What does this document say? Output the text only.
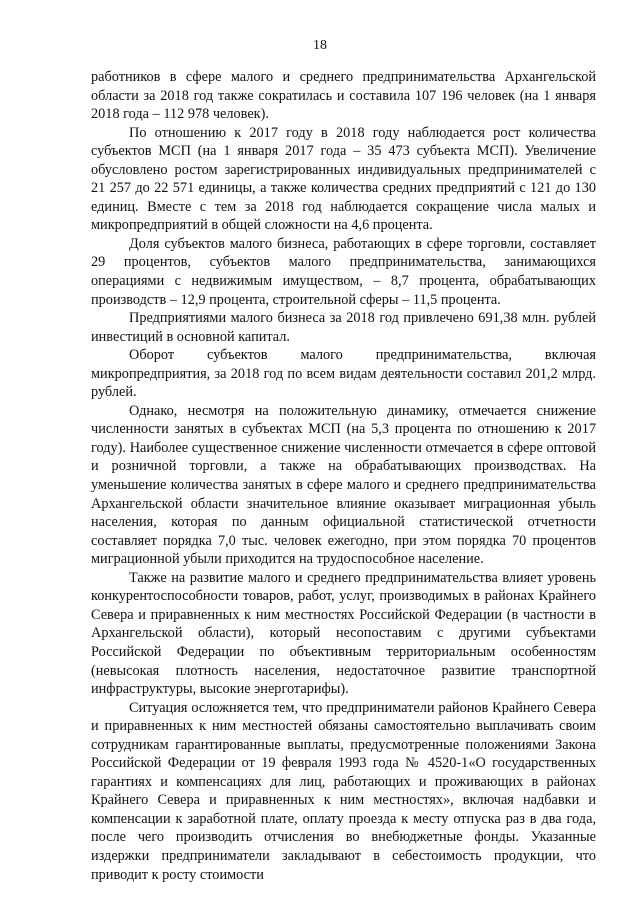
18

работников в сфере малого и среднего предпринимательства Архангельской области за 2018 год также сократилась и составила 107 196 человек (на 1 января 2018 года – 112 978 человек).

По отношению к 2017 году в 2018 году наблюдается рост количества субъектов МСП (на 1 января 2017 года – 35 473 субъекта МСП). Увеличение обусловлено ростом зарегистрированных индивидуальных предпринимателей с 21 257 до 22 571 единицы, а также количества средних предприятий с 121 до 130 единиц. Вместе с тем за 2018 год наблюдается сокращение числа малых и микропредприятий в общей сложности на 4,6 процента.

Доля субъектов малого бизнеса, работающих в сфере торговли, составляет 29 процентов, субъектов малого предпринимательства, занимающихся операциями с недвижимым имуществом, – 8,7 процента, обрабатывающих производств – 12,9 процента, строительной сферы – 11,5 процента.

Предприятиями малого бизнеса за 2018 год привлечено 691,38 млн. рублей инвестиций в основной капитал.

Оборот субъектов малого предпринимательства, включая микропредприятия, за 2018 год по всем видам деятельности составил 201,2 млрд. рублей.

Однако, несмотря на положительную динамику, отмечается снижение численности занятых в субъектах МСП (на 5,3 процента по отношению к 2017 году). Наиболее существенное снижение численности отмечается в сфере оптовой и розничной торговли, а также на обрабатывающих производствах. На уменьшение количества занятых в сфере малого и среднего предпринимательства Архангельской области значительное влияние оказывает миграционная убыль населения, которая по данным официальной статистической отчетности составляет порядка 7,0 тыс. человек ежегодно, при этом порядка 70 процентов миграционной убыли приходится на трудоспособное население.

Также на развитие малого и среднего предпринимательства влияет уровень конкурентоспособности товаров, работ, услуг, производимых в районах Крайнего Севера и приравненных к ним местностях Российской Федерации (в частности в Архангельской области), который несопоставим с другими субъектами Российской Федерации по объективным территориальным особенностям (невысокая плотность населения, недостаточное развитие транспортной инфраструктуры, высокие энерготарифы).

Ситуация осложняется тем, что предприниматели районов Крайнего Севера и приравненных к ним местностей обязаны самостоятельно выплачивать своим сотрудникам гарантированные выплаты, предусмотренные положениями Закона Российской Федерации от 19 февраля 1993 года № 4520-1«О государственных гарантиях и компенсациях для лиц, работающих и проживающих в районах Крайнего Севера и приравненных к ним местностях», включая надбавки и компенсации к заработной плате, оплату проезда к месту отпуска раз в два года, после чего производить отчисления во внебюджетные фонды. Указанные издержки предприниматели закладывают в себестоимость продукции, что приводит к росту стоимости
